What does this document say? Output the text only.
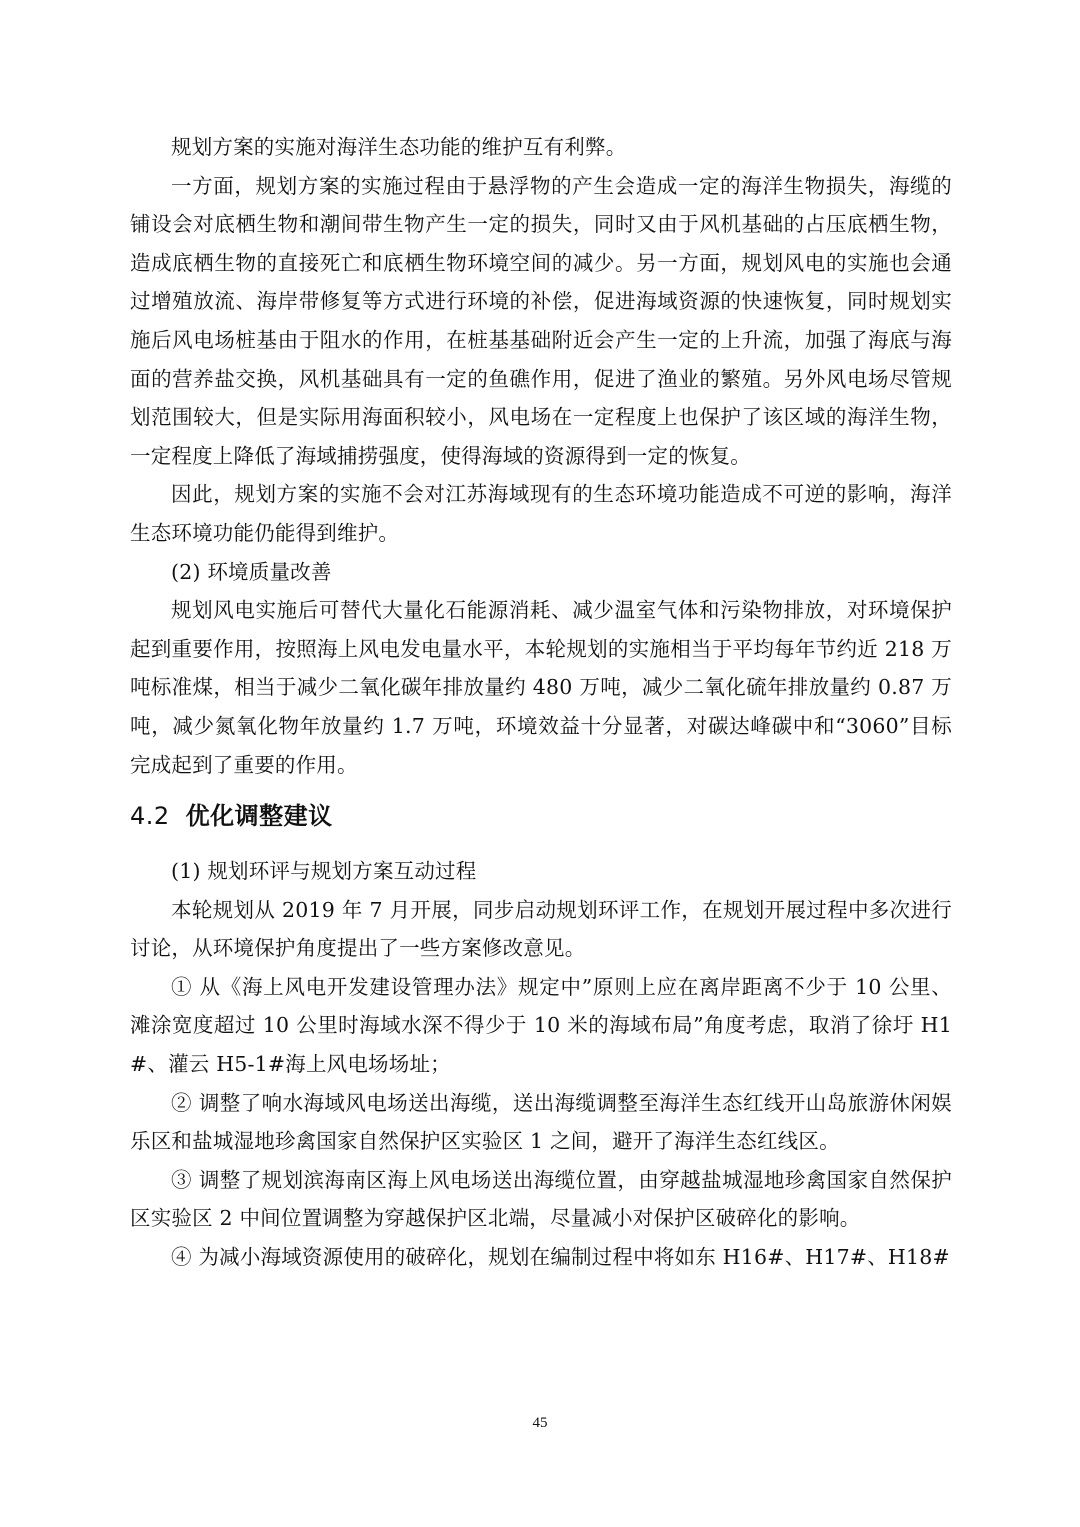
规划方案的实施对海洋生态功能的维护互有利弊。

一方面，规划方案的实施过程由于悬浮物的产生会造成一定的海洋生物损失，海缆的铺设会对底栖生物和潮间带生物产生一定的损失，同时又由于风机基础的占压底栖生物，造成底栖生物的直接死亡和底栖生物环境空间的减少。另一方面，规划风电的实施也会通过增殖放流、海岸带修复等方式进行环境的补偿，促进海域资源的快速恢复，同时规划实施后风电场桩基由于阻水的作用，在桩基基础附近会产生一定的上升流，加强了海底与海面的营养盐交换，风机基础具有一定的鱼礁作用，促进了渔业的繁殖。另外风电场尽管规划范围较大，但是实际用海面积较小，风电场在一定程度上也保护了该区域的海洋生物，一定程度上降低了海域捕捞强度，使得海域的资源得到一定的恢复。

因此，规划方案的实施不会对江苏海域现有的生态环境功能造成不可逆的影响，海洋生态环境功能仍能得到维护。

(2) 环境质量改善

规划风电实施后可替代大量化石能源消耗、减少温室气体和污染物排放，对环境保护起到重要作用，按照海上风电发电量水平，本轮规划的实施相当于平均每年节约近 218 万吨标准煤，相当于减少二氧化碳年排放量约 480 万吨，减少二氧化硫年排放量约 0.87 万吨，减少氮氧化物年放量约 1.7 万吨，环境效益十分显著，对碳达峰碳中和“3060”目标完成起到了重要的作用。

4.2 优化调整建议

(1) 规划环评与规划方案互动过程

本轮规划从 2019 年 7 月开展，同步启动规划环评工作，在规划开展过程中多次进行讨论，从环境保护角度提出了一些方案修改意见。

① 从《海上风电开发建设管理办法》规定中”原则上应在离岸距离不少于 10 公里、滩涂宽度超过 10 公里时海域水深不得少于 10 米的海域布局”角度考虑，取消了徐圩 H1#、灌云 H5-1#海上风电场场址；

② 调整了响水海域风电场送出海缆，送出海缆调整至海洋生态红线开山岛旅游休闲娱乐区和盐城湿地珍禽国家自然保护区实验区 1 之间，避开了海洋生态红线区。

③ 调整了规划滨海南区海上风电场送出海缆位置，由穿越盐城湿地珍禽国家自然保护区实验区 2 中间位置调整为穿越保护区北端，尽量减小对保护区破碎化的影响。

④ 为减小海域资源使用的破碎化，规划在编制过程中将如东 H16#、H17#、H18#

45
